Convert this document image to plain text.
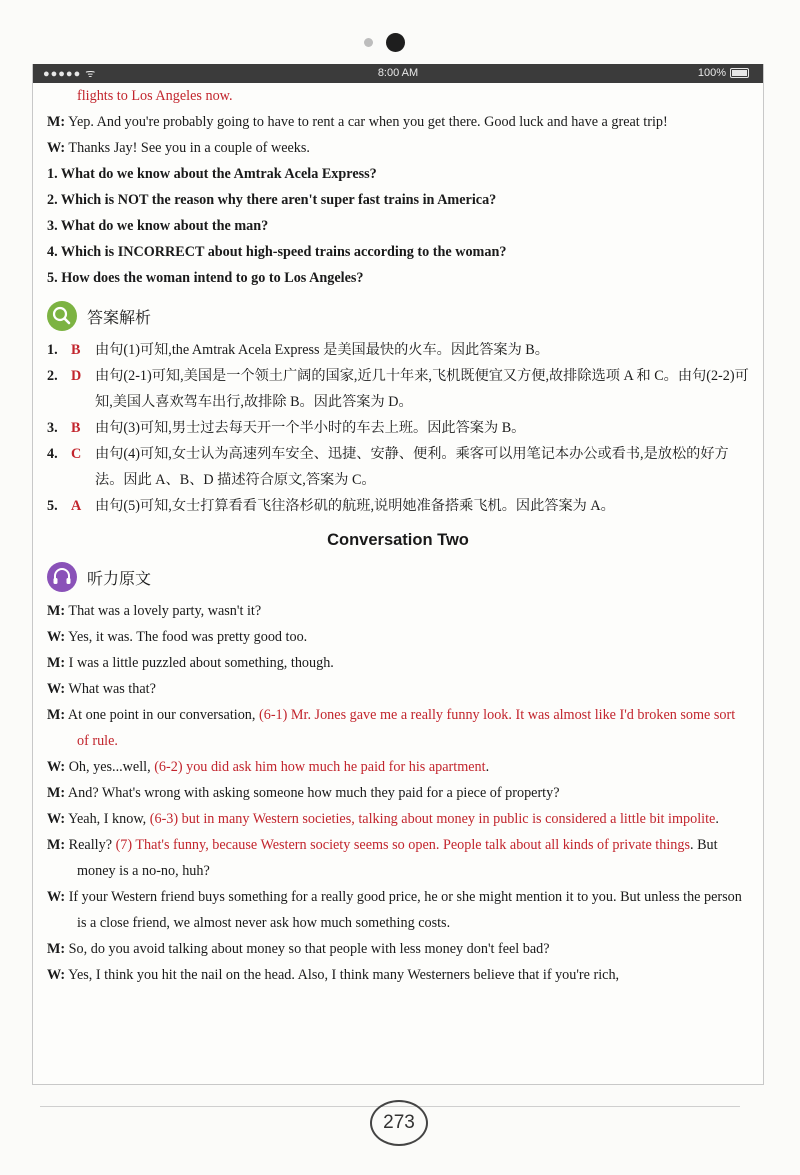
●●●●● ᯤ	8:00 AM	100%

flights to Los Angeles now.

M: Yep. And you're probably going to have to rent a car when you get there. Good luck and have a great trip!

W: Thanks Jay! See you in a couple of weeks.

1. What do we know about the Amtrak Acela Express?

2. Which is NOT the reason why there aren't super fast trains in America?

3. What do we know about the man?

4. Which is INCORRECT about high-speed trains according to the woman?

5. How does the woman intend to go to Los Angeles?

答案解析

1. B 由句(1)可知,the Amtrak Acela Express 是美国最快的火车。因此答案为 B。

2. D 由句(2-1)可知,美国是一个领土广阔的国家,近几十年来,飞机既便宜又方便,故排除选项 A 和 C。由句(2-2)可知,美国人喜欢驾车出行,故排除 B。因此答案为 D。

3. B 由句(3)可知,男士过去每天开一个半小时的车去上班。因此答案为 B。

4. C 由句(4)可知,女士认为高速列车安全、迅捷、安静、便利。乘客可以用笔记本办公或看书,是放松的好方法。因此 A、B、D 描述符合原文,答案为 C。

5. A 由句(5)可知,女士打算看看飞往洛杉矶的航班,说明她准备搭乘飞机。因此答案为 A。

Conversation Two
听力原文

M: That was a lovely party, wasn't it?

W: Yes, it was. The food was pretty good too.

M: I was a little puzzled about something, though.

W: What was that?

M: At one point in our conversation, (6-1) Mr. Jones gave me a really funny look. It was almost like I'd broken some sort of rule.

W: Oh, yes...well, (6-2) you did ask him how much he paid for his apartment.

M: And? What's wrong with asking someone how much they paid for a piece of property?

W: Yeah, I know, (6-3) but in many Western societies, talking about money in public is considered a little bit impolite.

M: Really? (7) That's funny, because Western society seems so open. People talk about all kinds of private things. But money is a no-no, huh?

W: If your Western friend buys something for a really good price, he or she might mention it to you. But unless the person is a close friend, we almost never ask how much something costs.

M: So, do you avoid talking about money so that people with less money don't feel bad?

W: Yes, I think you hit the nail on the head. Also, I think many Westerners believe that if you're rich,

273
